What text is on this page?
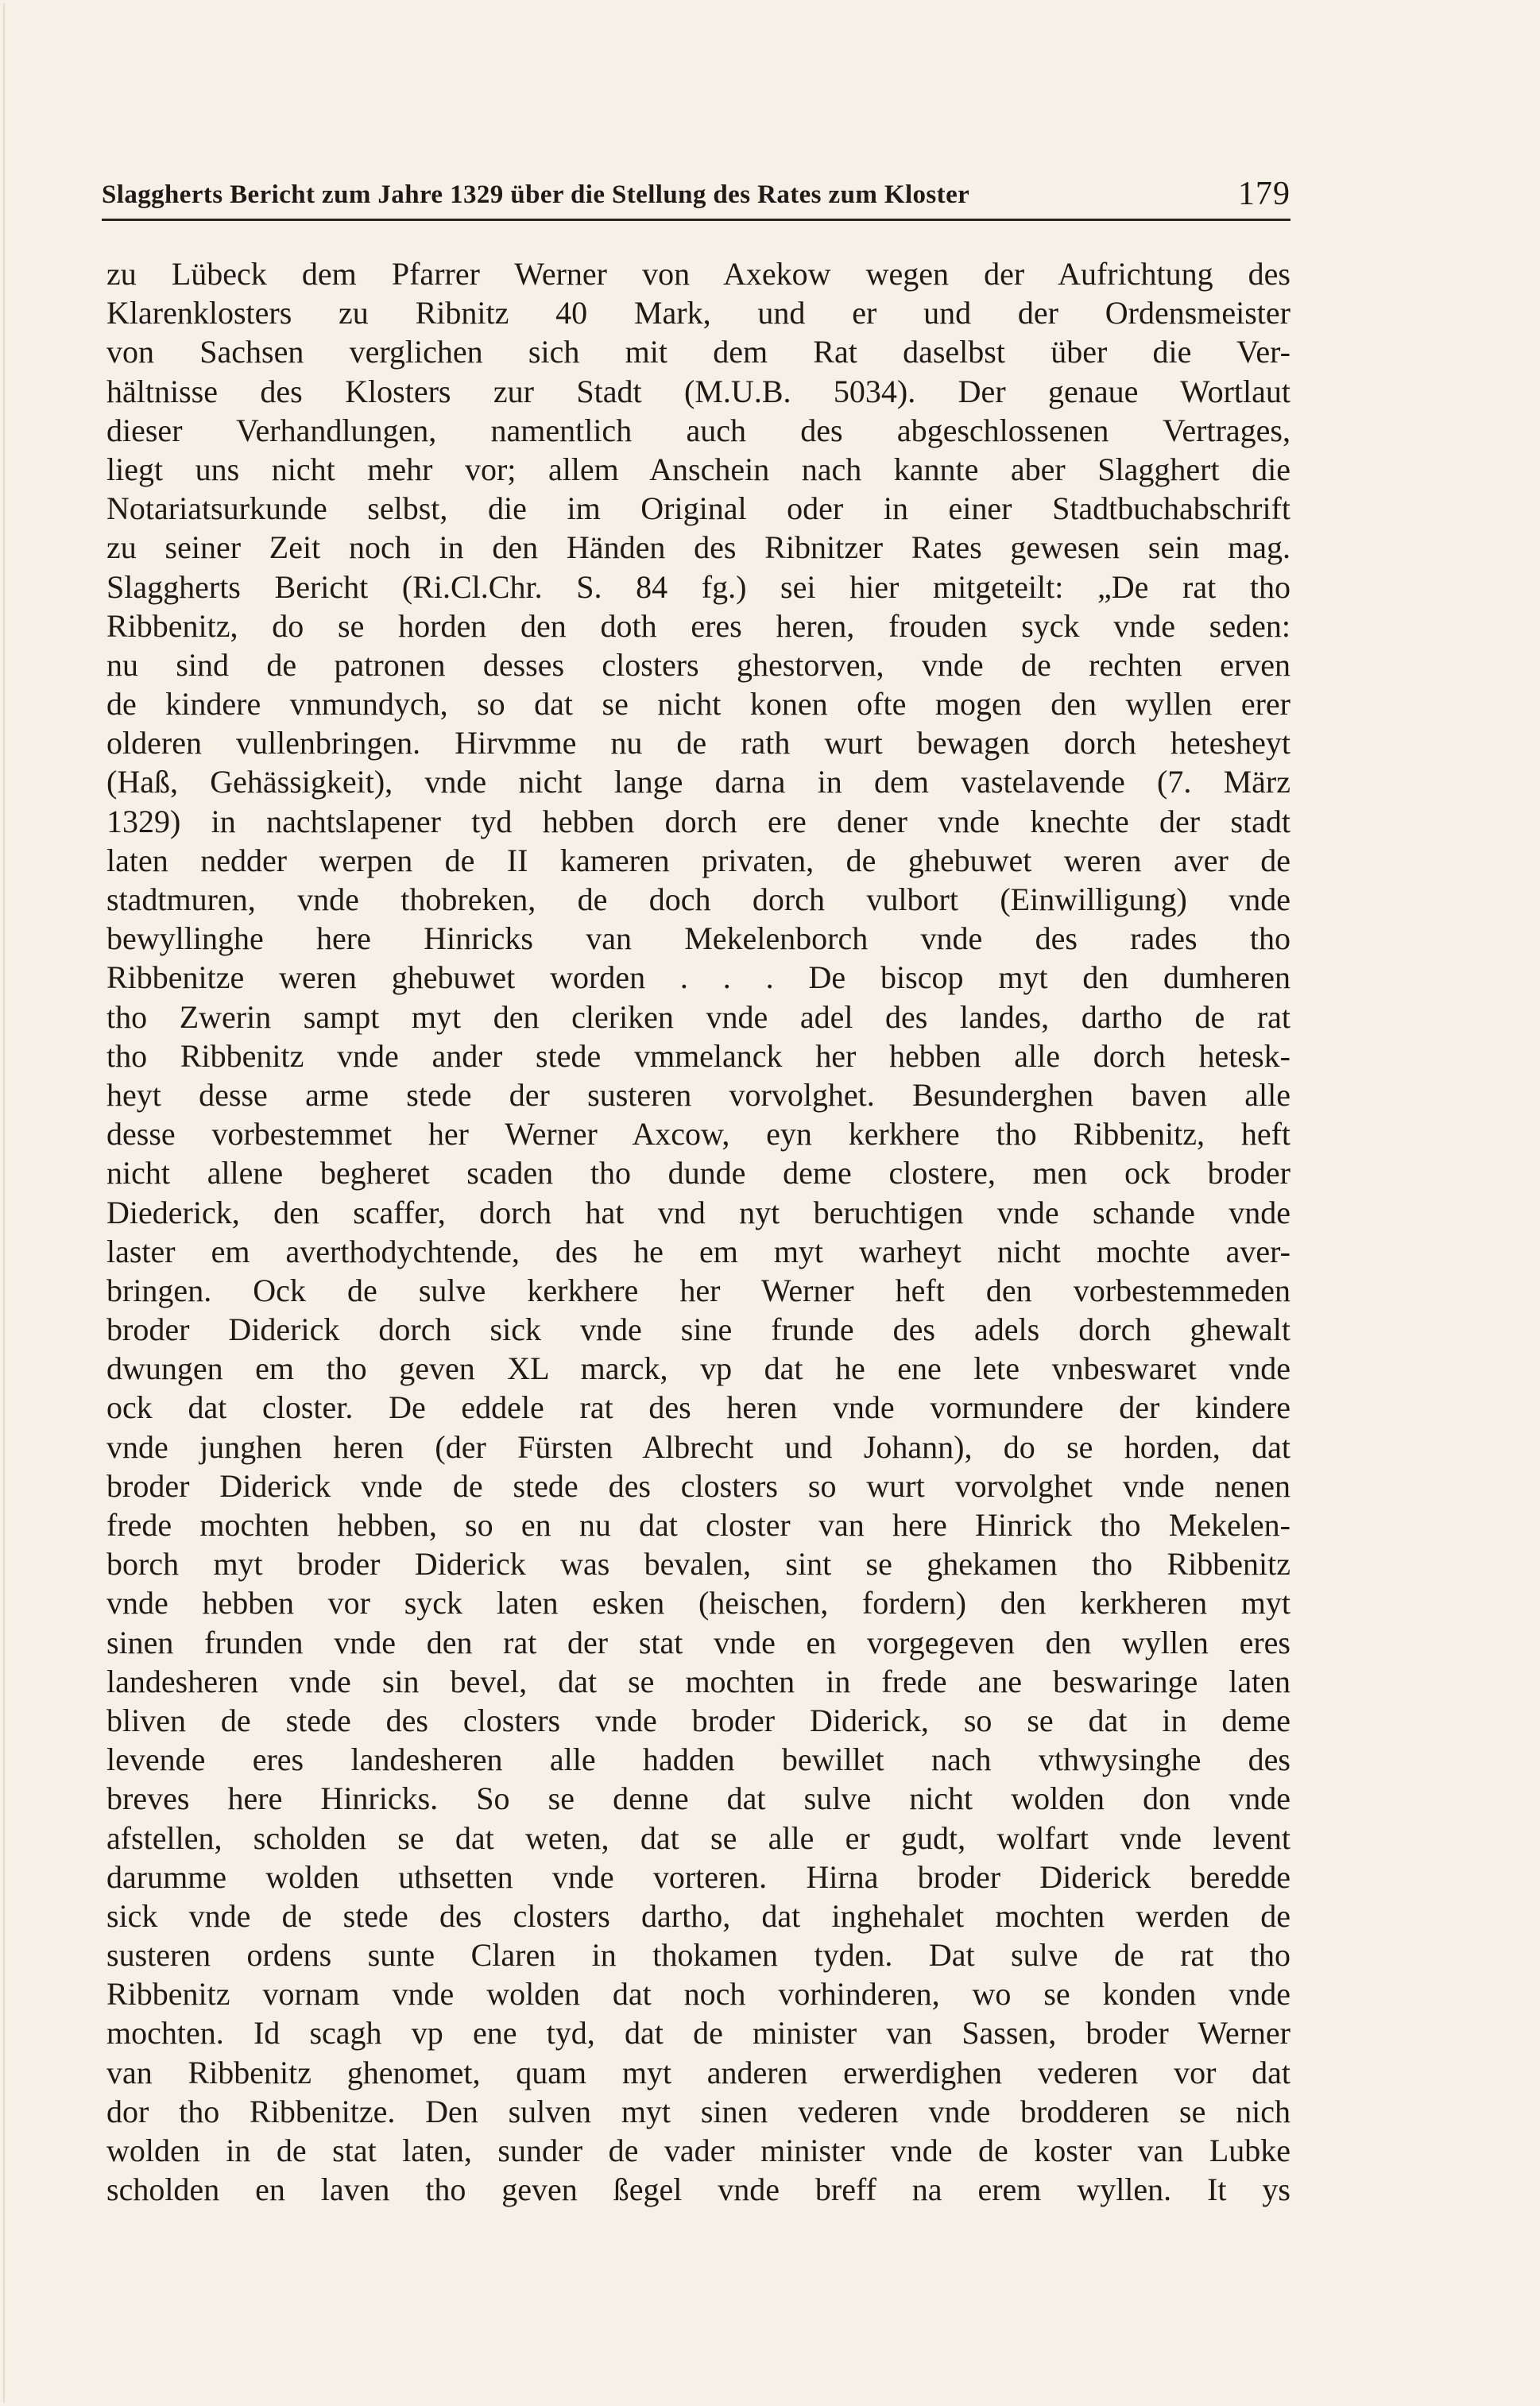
Slaggherts Bericht zum Jahre 1329 über die Stellung des Rates zum Kloster	179
zu Lübeck dem Pfarrer Werner von Axekow wegen der Aufrichtung des
Klarenklosters zu Ribnitz 40 Mark, und er und der Ordensmeister
von Sachsen verglichen sich mit dem Rat daselbst über die Ver-
hältnisse des Klosters zur Stadt (M.U.B. 5034). Der genaue Wortlaut
dieser Verhandlungen, namentlich auch des abgeschlossenen Vertrages,
liegt uns nicht mehr vor; allem Anschein nach kannte aber Slagghert die
Notariatsurkunde selbst, die im Original oder in einer Stadtbuchabschrift
zu seiner Zeit noch in den Händen des Ribnitzer Rates gewesen sein mag.
Slaggherts Bericht (Ri.Cl.Chr. S. 84 fg.) sei hier mitgeteilt: „De rat tho
Ribbenitz, do se horden den doth eres heren, frouden syck vnde seden:
nu sind de patronen desses closters ghestorven, vnde de rechten erven
de kindere vnmundych, so dat se nicht konen ofte mogen den wyllen erer
olderen vullenbringen. Hirvmme nu de rath wurt bewagen dorch hetesheyt
(Haß, Gehässigkeit), vnde nicht lange darna in dem vastelavende (7. März
1329) in nachtslapener tyd hebben dorch ere dener vnde knechte der stadt
laten nedder werpen de II kameren privaten, de ghebuwet weren aver de
stadtmuren, vnde thobreken, de doch dorch vulbort (Einwilligung) vnde
bewyllinghe here Hinricks van Mekelenborch vnde des rades tho
Ribbenitze weren ghebuwet worden . . . De biscop myt den dumheren
tho Zwerin sampt myt den cleriken vnde adel des landes, dartho de rat
tho Ribbenitz vnde ander stede vmmelanck her hebben alle dorch hetesk-
heyt desse arme stede der susteren vorvolghet. Besunderghen baven alle
desse vorbestemmet her Werner Axcow, eyn kerkhere tho Ribbenitz, heft
nicht allene begheret scaden tho dunde deme clostere, men ock broder
Diederick, den scaffer, dorch hat vnd nyt beruchtigen vnde schande vnde
laster em averthodychtende, des he em myt warheyt nicht mochte aver-
bringen. Ock de sulve kerkhere her Werner heft den vorbestemmeden
broder Diderick dorch sick vnde sine frunde des adels dorch ghewalt
dwungen em tho geven XL marck, vp dat he ene lete vnbeswaret vnde
ock dat closter. De eddele rat des heren vnde vormundere der kindere
vnde junghen heren (der Fürsten Albrecht und Johann), do se horden, dat
broder Diderick vnde de stede des closters so wurt vorvolghet vnde nenen
frede mochten hebben, so en nu dat closter van here Hinrick tho Mekelen-
borch myt broder Diderick was bevalen, sint se ghekamen tho Ribbenitz
vnde hebben vor syck laten esken (heischen, fordern) den kerkheren myt
sinen frunden vnde den rat der stat vnde en vorgegeven den wyllen eres
landesheren vnde sin bevel, dat se mochten in frede ane beswaringe laten
bliven de stede des closters vnde broder Diderick, so se dat in deme
levende eres landesheren alle hadden bewillet nach vthwysinghe des
breves here Hinricks. So se denne dat sulve nicht wolden don vnde
afstellen, scholden se dat weten, dat se alle er gudt, wolfart vnde levent
darumme wolden uthsetten vnde vorteren. Hirna broder Diderick beredde
sick vnde de stede des closters dartho, dat inghehalet mochten werden de
susteren ordens sunte Claren in thokamen tyden. Dat sulve de rat tho
Ribbenitz vornam vnde wolden dat noch vorhinderen, wo se konden vnde
mochten. Id scagh vp ene tyd, dat de minister van Sassen, broder Werner
van Ribbenitz ghenomet, quam myt anderen erwerdighen vederen vor dat
dor tho Ribbenitze. Den sulven myt sinen vederen vnde brodderen se nich
wolden in de stat laten, sunder de vader minister vnde de koster van Lubke
scholden en laven tho geven ßegel vnde breff na erem wyllen. It ys
